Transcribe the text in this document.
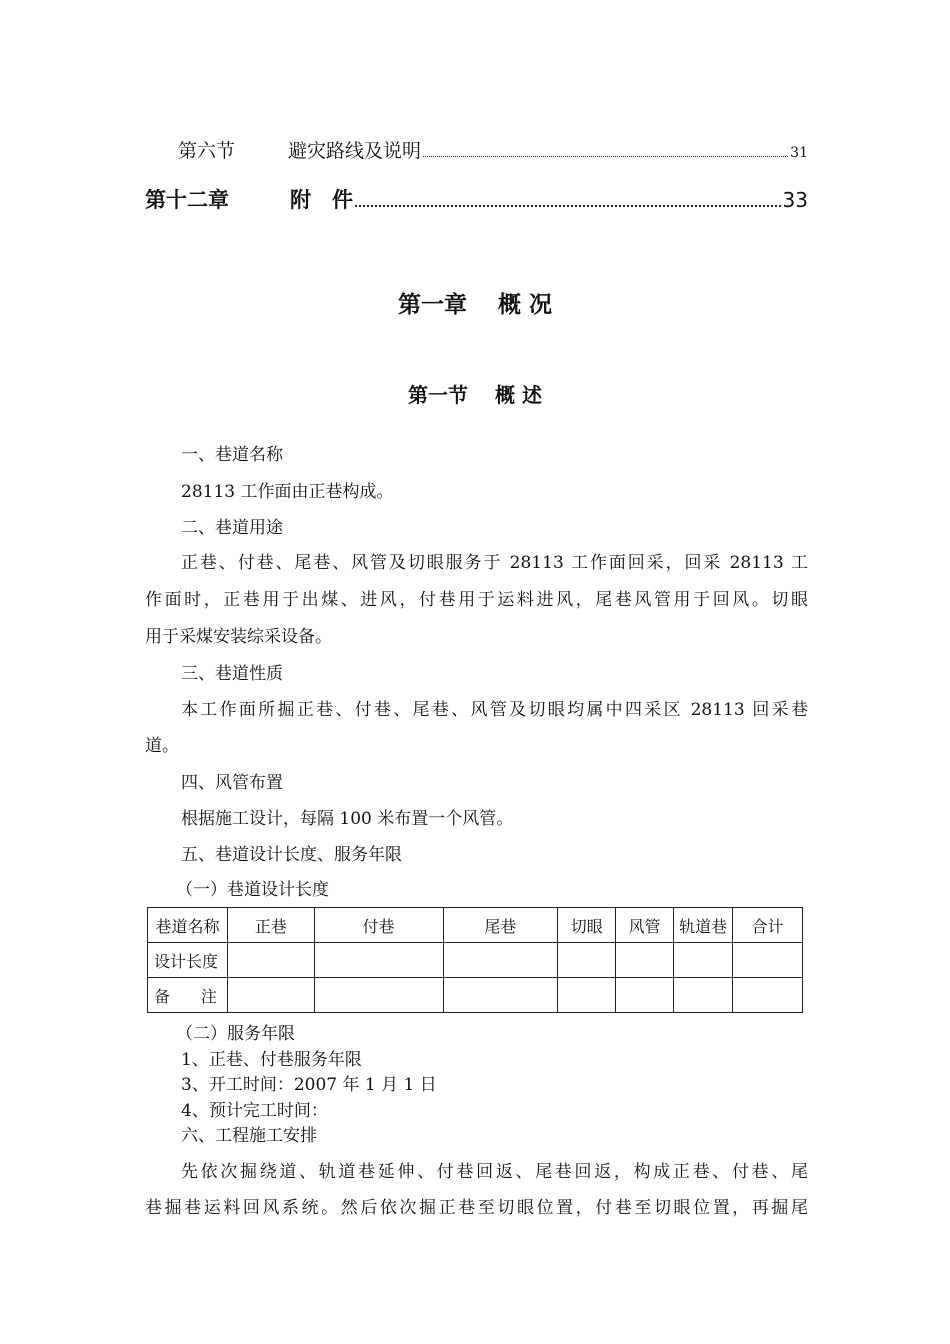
第六节	避灾路线及说明	31
第十二章	附　件	33
第一章　 概 况
第一节　 概 述
一、巷道名称
28113 工作面由正巷构成。
二、巷道用途
正巷、付巷、尾巷、风管及切眼服务于 28113 工作面回采，回采 28113 工
作面时，正巷用于出煤、进风，付巷用于运料进风，尾巷风管用于回风。切眼
用于采煤安装综采设备。
三、巷道性质
本工作面所掘正巷、付巷、尾巷、风管及切眼均属中四采区 28113 回采巷
道。
四、风管布置
根据施工设计，每隔 100 米布置一个风管。
五、巷道设计长度、服务年限
（一）巷道设计长度
巷道名称	正巷	付巷	尾巷	切眼	风管	轨道巷	合计
设计长度							

备 注							

（二）服务年限
1、正巷、付巷服务年限
3、开工时间：2007 年 1 月 1 日
4、预计完工时间：
六、工程施工安排
先依次掘绕道、轨道巷延伸、付巷回返、尾巷回返，构成正巷、付巷、尾
巷掘巷运料回风系统。然后依次掘正巷至切眼位置，付巷至切眼位置，再掘尾
